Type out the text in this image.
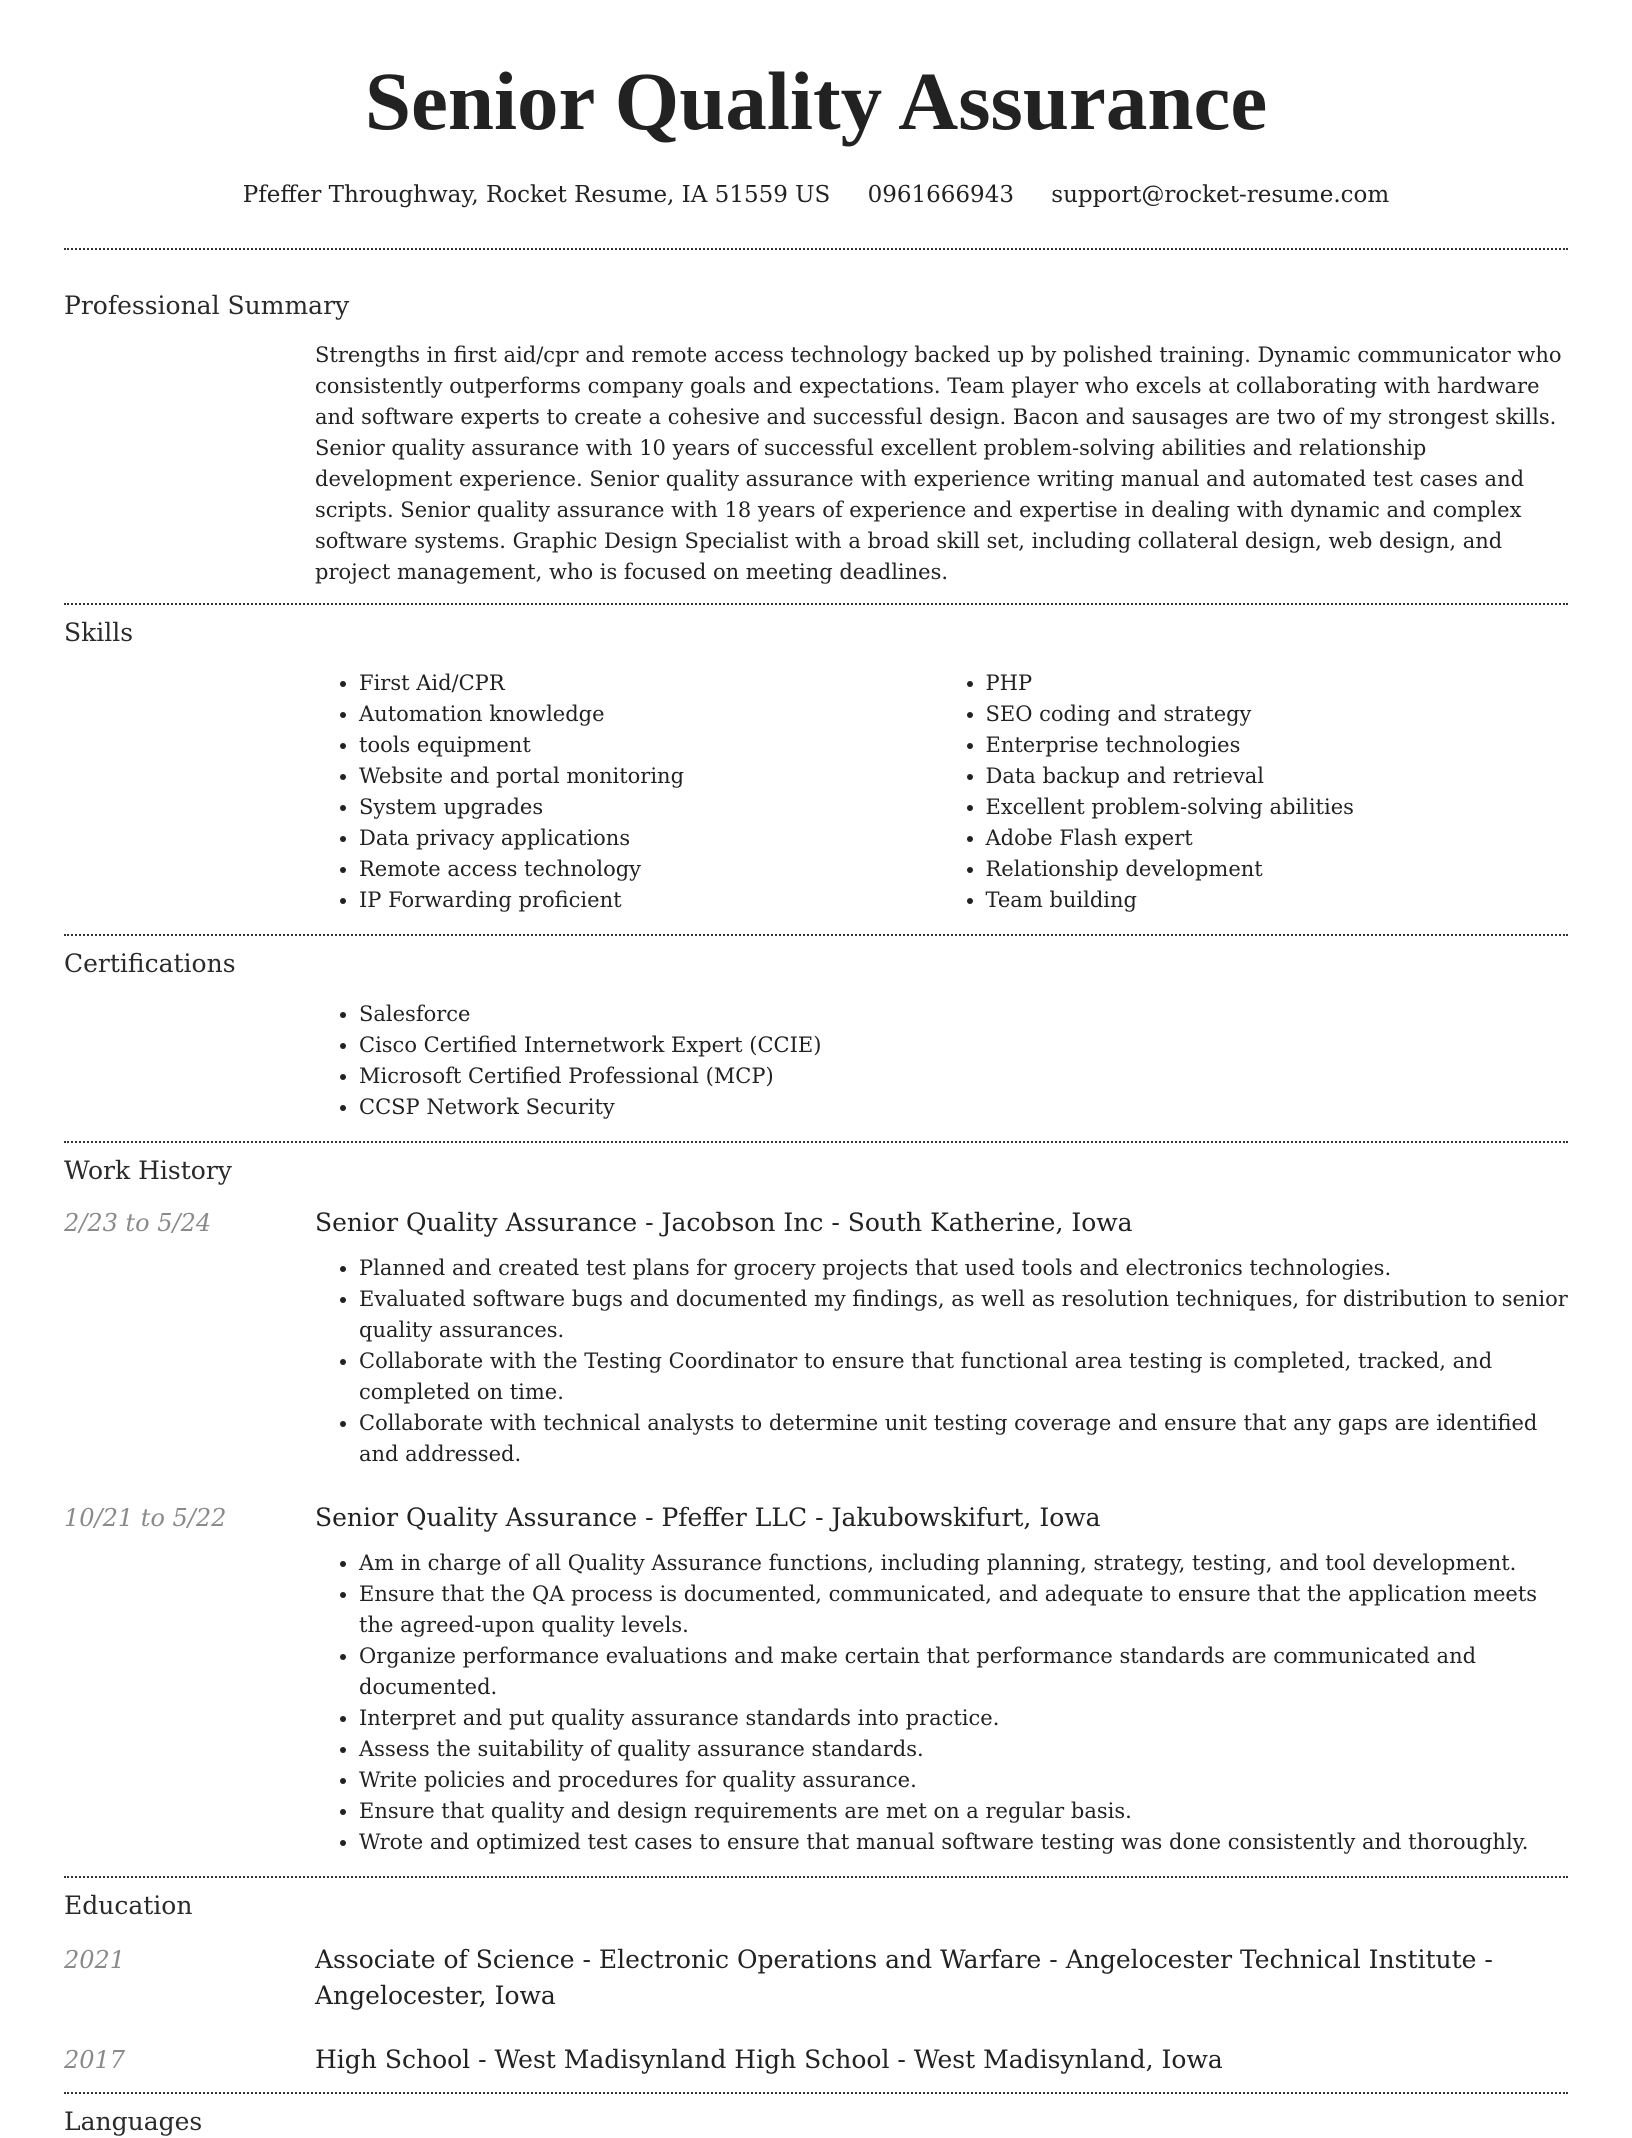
Senior Quality Assurance
Pfeffer Throughway, Rocket Resume, IA 51559 US 0961666943 support@rocket-resume.com
Professional Summary
Strengths in first aid/cpr and remote access technology backed up by polished training. Dynamic communicator who consistently outperforms company goals and expectations. Team player who excels at collaborating with hardware and software experts to create a cohesive and successful design. Bacon and sausages are two of my strongest skills. Senior quality assurance with 10 years of successful excellent problem-solving abilities and relationship development experience. Senior quality assurance with experience writing manual and automated test cases and scripts. Senior quality assurance with 18 years of experience and expertise in dealing with dynamic and complex software systems. Graphic Design Specialist with a broad skill set, including collateral design, web design, and project management, who is focused on meeting deadlines.
Skills
• First Aid/CPR
• Automation knowledge
• tools equipment
• Website and portal monitoring
• System upgrades
• Data privacy applications
• Remote access technology
• IP Forwarding proficient
• PHP
• SEO coding and strategy
• Enterprise technologies
• Data backup and retrieval
• Excellent problem-solving abilities
• Adobe Flash expert
• Relationship development
• Team building
Certifications
• Salesforce
• Cisco Certified Internetwork Expert (CCIE)
• Microsoft Certified Professional (MCP)
• CCSP Network Security
Work History
2/23 to 5/24	Senior Quality Assurance - Jacobson Inc - South Katherine, Iowa
• Planned and created test plans for grocery projects that used tools and electronics technologies.
• Evaluated software bugs and documented my findings, as well as resolution techniques, for distribution to senior quality assurances.
• Collaborate with the Testing Coordinator to ensure that functional area testing is completed, tracked, and completed on time.
• Collaborate with technical analysts to determine unit testing coverage and ensure that any gaps are identified and addressed.
10/21 to 5/22	Senior Quality Assurance - Pfeffer LLC - Jakubowskifurt, Iowa
• Am in charge of all Quality Assurance functions, including planning, strategy, testing, and tool development.
• Ensure that the QA process is documented, communicated, and adequate to ensure that the application meets the agreed-upon quality levels.
• Organize performance evaluations and make certain that performance standards are communicated and documented.
• Interpret and put quality assurance standards into practice.
• Assess the suitability of quality assurance standards.
• Write policies and procedures for quality assurance.
• Ensure that quality and design requirements are met on a regular basis.
• Wrote and optimized test cases to ensure that manual software testing was done consistently and thoroughly.
Education
2021	Associate of Science - Electronic Operations and Warfare - Angelocester Technical Institute - Angelocester, Iowa
2017	High School - West Madisynland High School - West Madisynland, Iowa
Languages
